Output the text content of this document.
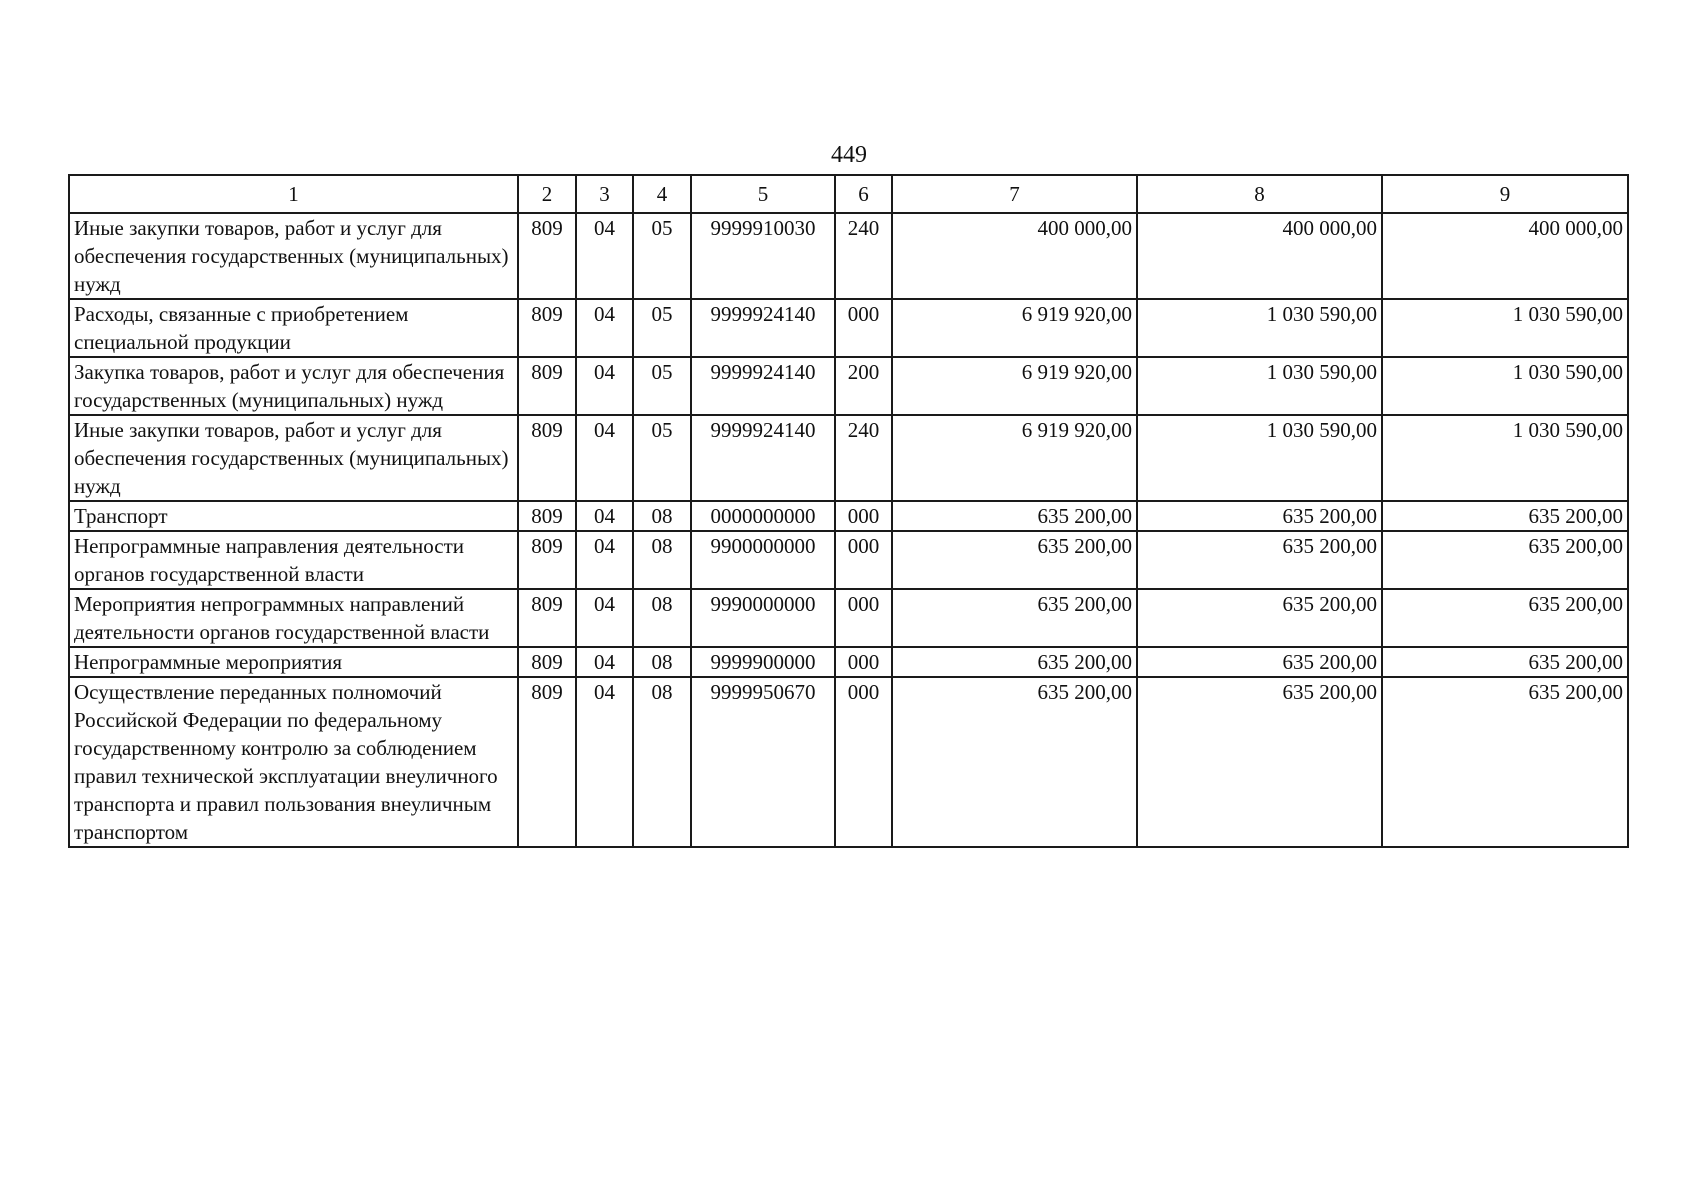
449
1	2	3	4	5	6	7	8	9
Иные закупки товаров, работ и услуг для обеспечения государственных (муниципальных) нужд	809	04	05	9999910030	240	400 000,00	400 000,00	400 000,00
Расходы, связанные с приобретением специальной продукции	809	04	05	9999924140	000	6 919 920,00	1 030 590,00	1 030 590,00
Закупка товаров, работ и услуг для обеспечения государственных (муниципальных) нужд	809	04	05	9999924140	200	6 919 920,00	1 030 590,00	1 030 590,00
Иные закупки товаров, работ и услуг для обеспечения государственных (муниципальных) нужд	809	04	05	9999924140	240	6 919 920,00	1 030 590,00	1 030 590,00
Транспорт	809	04	08	0000000000	000	635 200,00	635 200,00	635 200,00
Непрограммные направления деятельности органов государственной власти	809	04	08	9900000000	000	635 200,00	635 200,00	635 200,00
Мероприятия непрограммных направлений деятельности органов государственной власти	809	04	08	9990000000	000	635 200,00	635 200,00	635 200,00
Непрограммные мероприятия	809	04	08	9999900000	000	635 200,00	635 200,00	635 200,00
Осуществление переданных полномочий Российской Федерации по федеральному государственному контролю за соблюдением правил технической эксплуатации внеуличного транспорта и правил пользования внеуличным транспортом	809	04	08	9999950670	000	635 200,00	635 200,00	635 200,00
